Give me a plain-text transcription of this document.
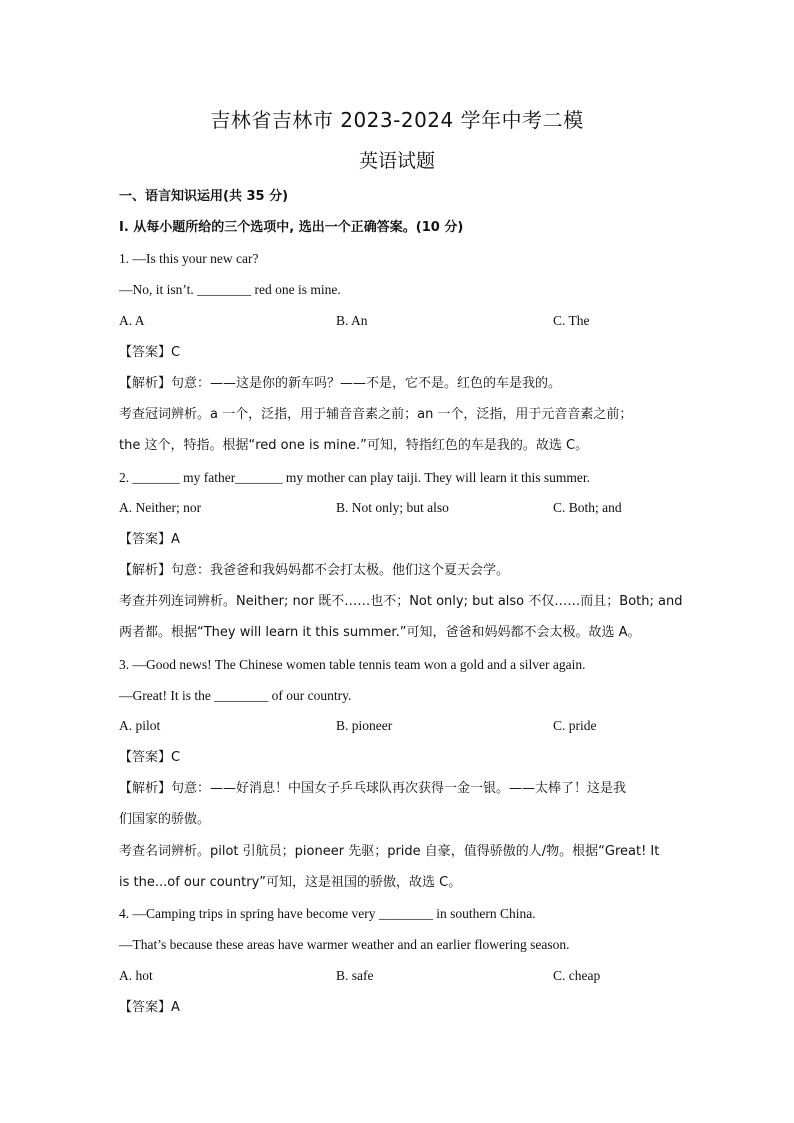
吉林省吉林市 2023-2024 学年中考二模
英语试题
一、语言知识运用(共 35 分)
I. 从每小题所给的三个选项中, 选出一个正确答案。(10 分)
1. —Is this your new car?
—No, it isn’t. ________ red one is mine.
A. A	B. An	C. The
【答案】C
【解析】句意：——这是你的新车吗？——不是，它不是。红色的车是我的。
考查冠词辨析。a 一个，泛指，用于辅音音素之前；an 一个，泛指，用于元音音素之前；
the 这个，特指。根据“red one is mine.”可知，特指红色的车是我的。故选 C。
2. _______ my father_______ my mother can play taiji. They will learn it this summer.
A. Neither; nor	B. Not only; but also	C. Both; and
【答案】A
【解析】句意：我爸爸和我妈妈都不会打太极。他们这个夏天会学。
考查并列连词辨析。Neither; nor 既不……也不；Not only; but also 不仅……而且；Both; and
两者都。根据“They will learn it this summer.”可知，爸爸和妈妈都不会太极。故选 A。
3. —Good news! The Chinese women table tennis team won a gold and a silver again.
—Great! It is the ________ of our country.
A. pilot	B. pioneer	C. pride
【答案】C
【解析】句意：——好消息！中国女子乒乓球队再次获得一金一银。——太棒了！这是我
们国家的骄傲。
考查名词辨析。pilot 引航员；pioneer 先驱；pride 自豪，值得骄傲的人/物。根据“Great! It
is the...of our country”可知，这是祖国的骄傲，故选 C。
4. —Camping trips in spring have become very ________ in southern China.
—That’s because these areas have warmer weather and an earlier flowering season.
A. hot	B. safe	C. cheap
【答案】A
